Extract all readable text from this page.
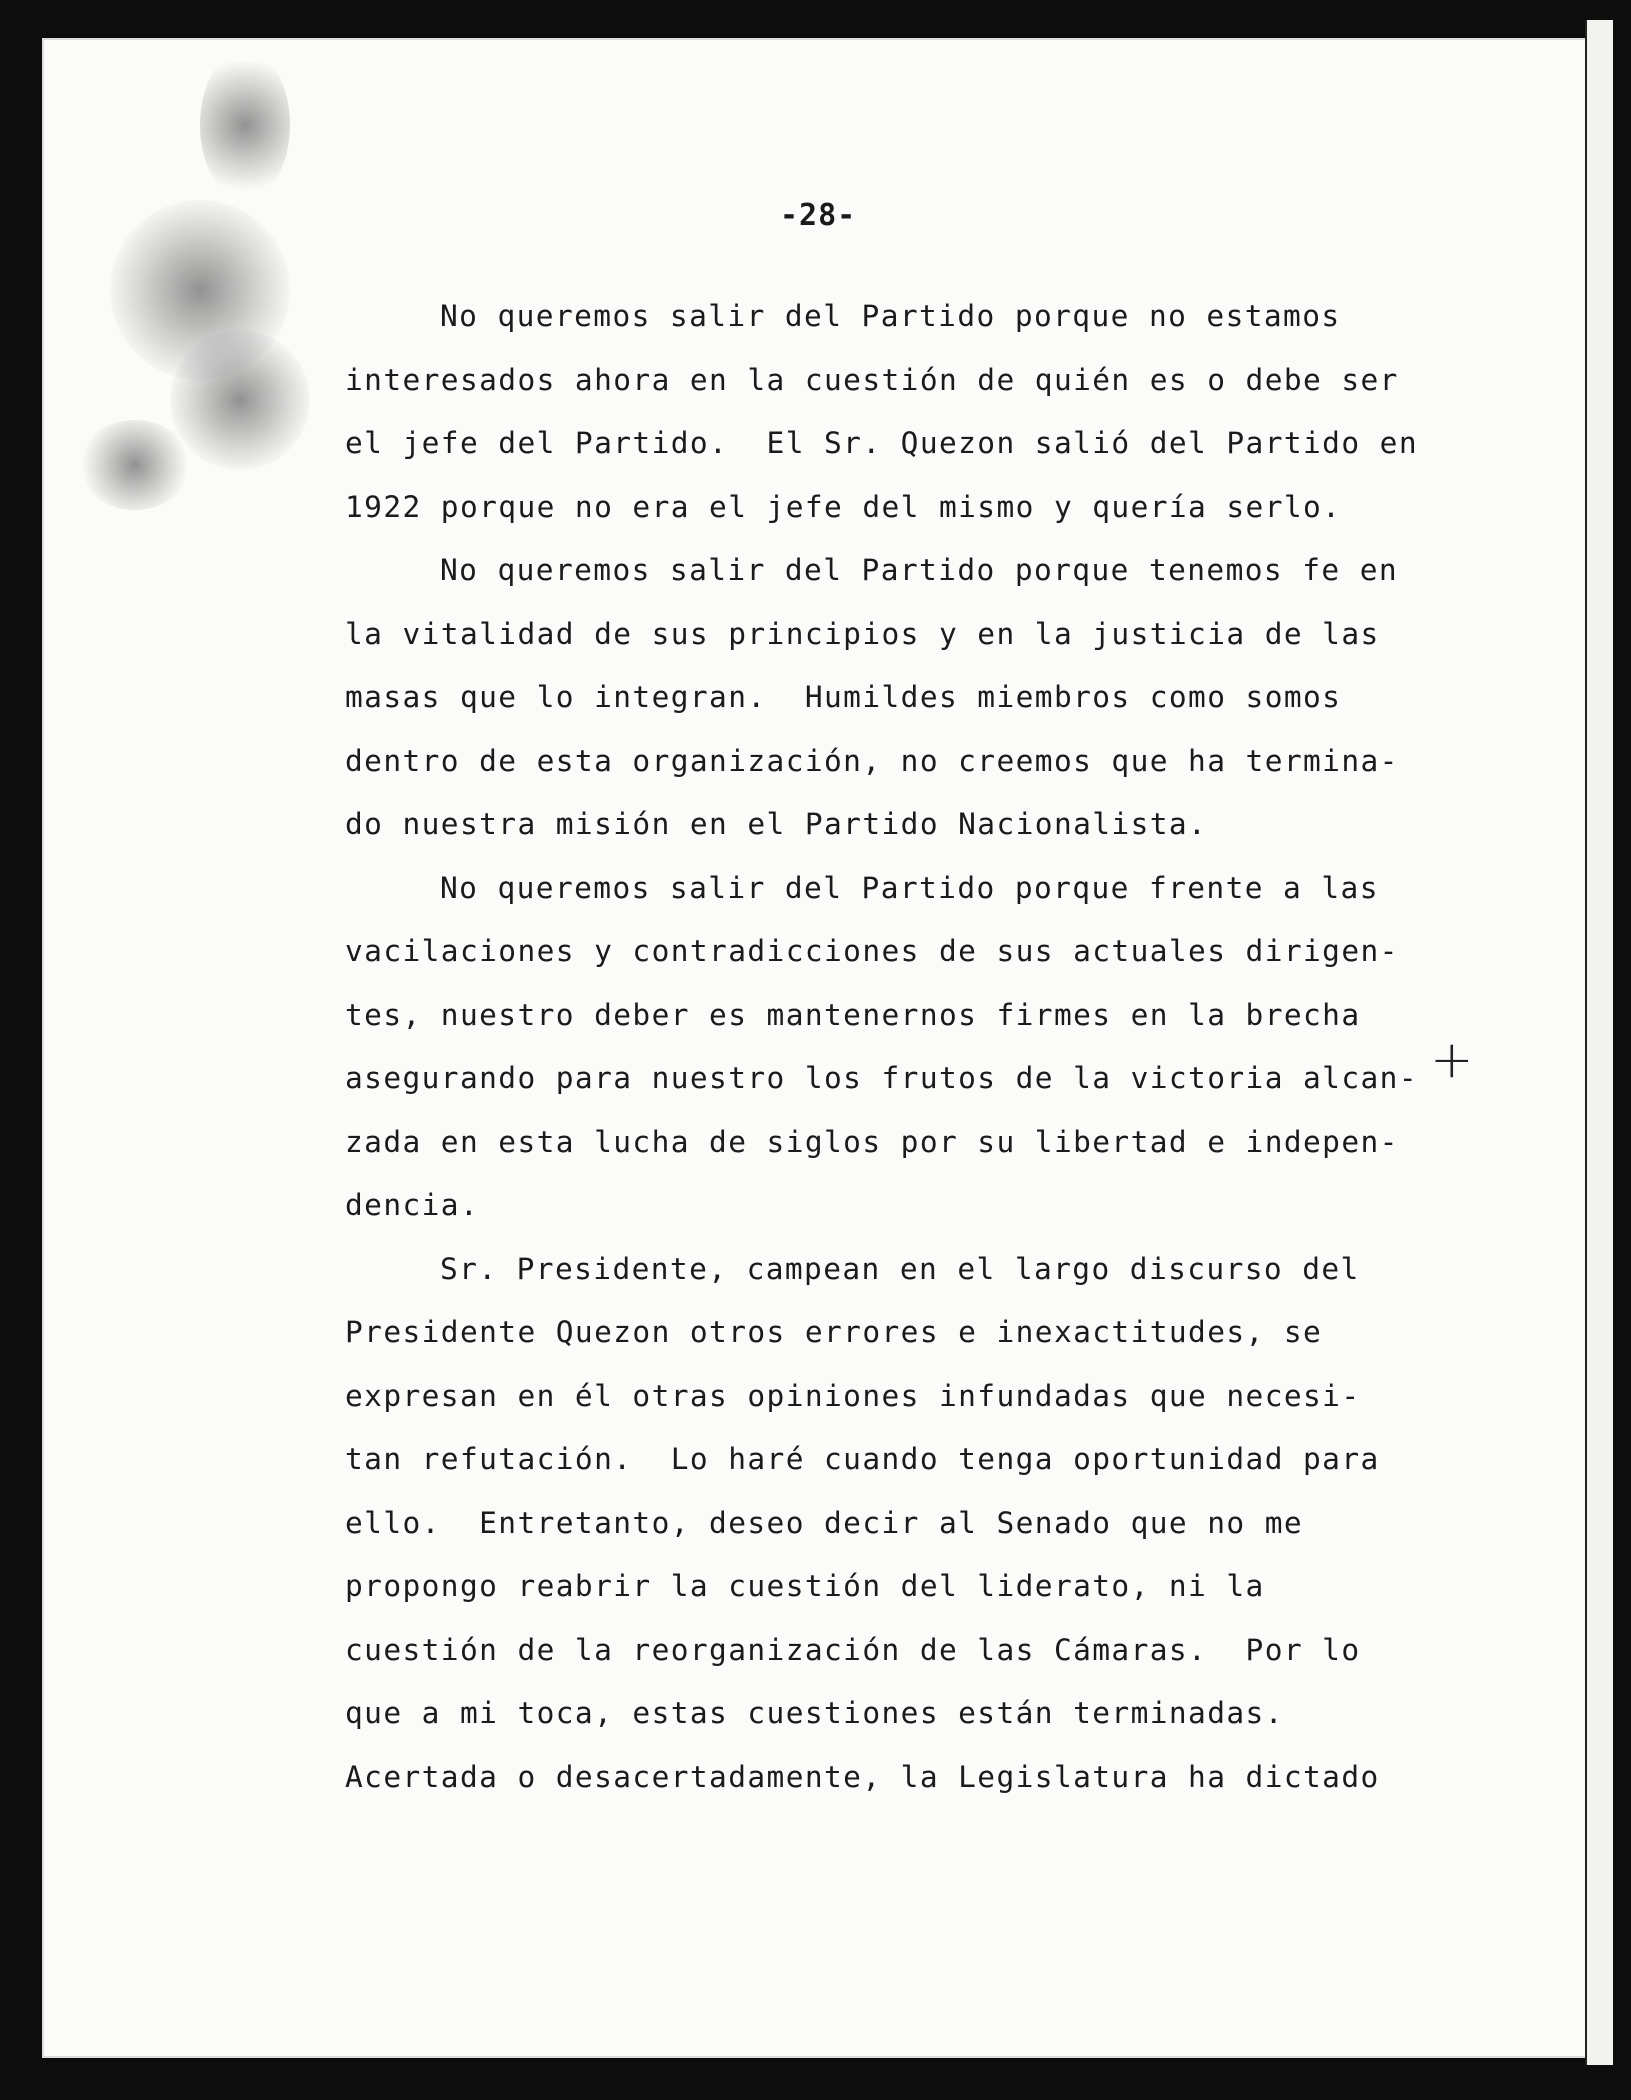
-28-
No queremos salir del Partido porque no estamos
interesados ahora en la cuestión de quién es o debe ser
el jefe del Partido.  El Sr. Quezon salió del Partido en
1922 porque no era el jefe del mismo y quería serlo.
No queremos salir del Partido porque tenemos fe en
la vitalidad de sus principios y en la justicia de las
masas que lo integran.  Humildes miembros como somos
dentro de esta organización, no creemos que ha termina-
do nuestra misión en el Partido Nacionalista.
No queremos salir del Partido porque frente a las
vacilaciones y contradicciones de sus actuales dirigen-
tes, nuestro deber es mantenernos firmes en la brecha
asegurando para nuestro los frutos de la victoria alcan-
zada en esta lucha de siglos por su libertad e indepen-
dencia.
Sr. Presidente, campean en el largo discurso del
Presidente Quezon otros errores e inexactitudes, se
expresan en él otras opiniones infundadas que necesi-
tan refutación.  Lo haré cuando tenga oportunidad para
ello.  Entretanto, deseo decir al Senado que no me
propongo reabrir la cuestión del liderato, ni la
cuestión de la reorganización de las Cámaras.  Por lo
que a mi toca, estas cuestiones están terminadas.
Acertada o desacertadamente, la Legislatura ha dictado
+
